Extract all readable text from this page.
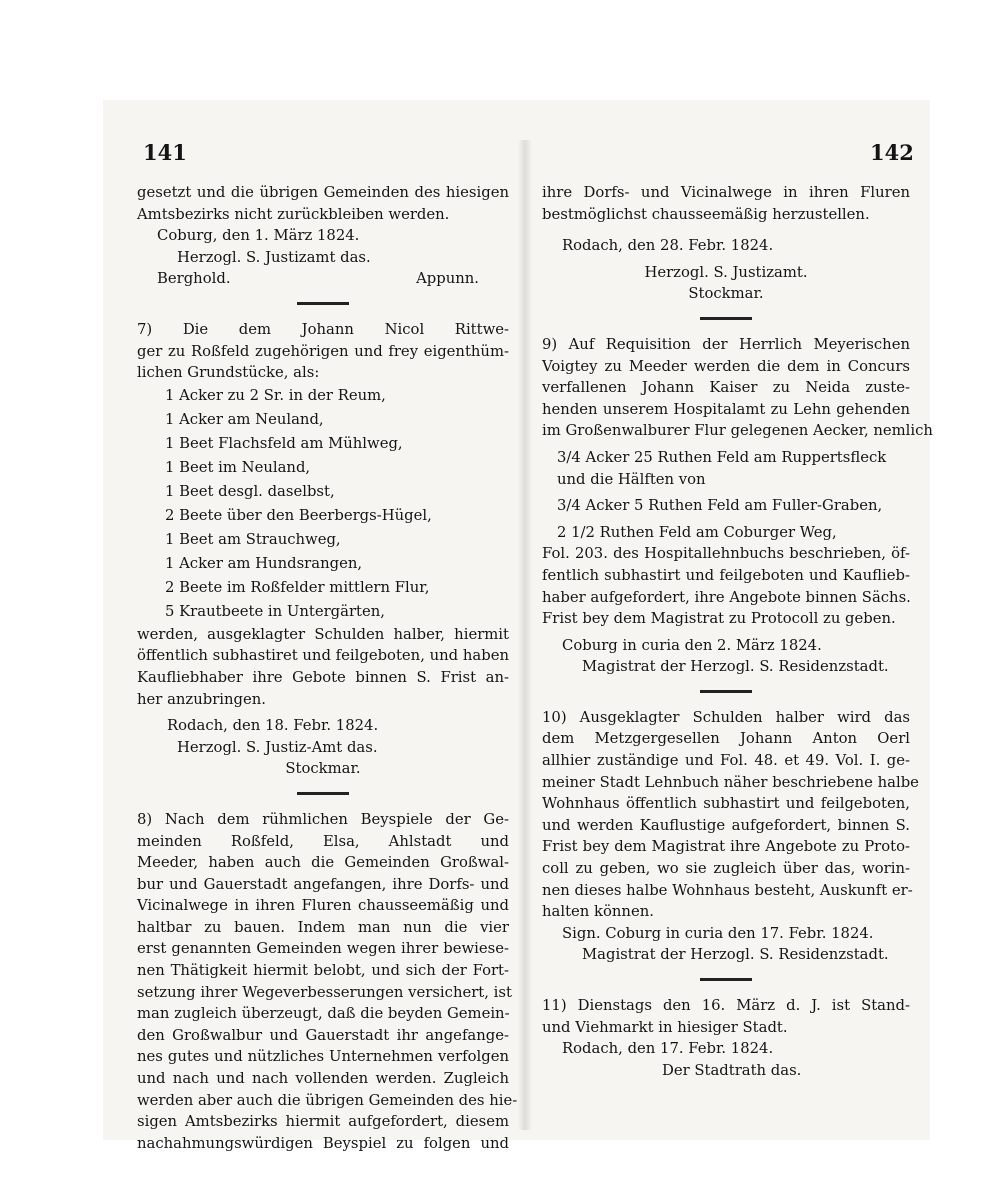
141	142

gesetzt und die übrigen Gemeinden des hiesigen

Amtsbezirks nicht zurückbleiben werden.

Coburg, den 1. März 1824.
Herzogl. S. Justizamt das.
Berghold.	Appunn.

7) Die dem Johann Nicol Rittwe-

ger zu Roßfeld zugehörigen und frey eigenthüm-

lichen Grundstücke, als:

1 Acker zu 2 Sr. in der Reum,
1 Acker am Neuland,
1 Beet Flachsfeld am Mühlweg,
1 Beet im Neuland,
1 Beet desgl. daselbst,
2 Beete über den Beerbergs-Hügel,
1 Beet am Strauchweg,
1 Acker am Hundsrangen,
2 Beete im Roßfelder mittlern Flur,
5 Krautbeete in Untergärten,

werden, ausgeklagter Schulden halber, hiermit

öffentlich subhastiret und feilgeboten, und haben

Kaufliebhaber ihre Gebote binnen S. Frist an-

her anzubringen.

Rodach, den 18. Febr. 1824.
Herzogl. S. Justiz-Amt das.
Stockmar.

8) Nach dem rühmlichen Beyspiele der Ge-

meinden Roßfeld, Elsa, Ahlstadt und

Meeder, haben auch die Gemeinden Großwal-

bur und Gauerstadt angefangen, ihre Dorfs- und

Vicinalwege in ihren Fluren chausseemäßig und

haltbar zu bauen. Indem man nun die vier

erst genannten Gemeinden wegen ihrer bewiese-

nen Thätigkeit hiermit belobt, und sich der Fort-

setzung ihrer Wegeverbesserungen versichert, ist

man zugleich überzeugt, daß die beyden Gemein-

den Großwalbur und Gauerstadt ihr angefange-

nes gutes und nützliches Unternehmen verfolgen

und nach und nach vollenden werden. Zugleich

werden aber auch die übrigen Gemeinden des hie-

sigen Amtsbezirks hiermit aufgefordert, diesem

nachahmungswürdigen Beyspiel zu folgen und

ihre Dorfs- und Vicinalwege in ihren Fluren

bestmöglichst chausseemäßig herzustellen.

Rodach, den 28. Febr. 1824.
Herzogl. S. Justizamt.
Stockmar.

9) Auf Requisition der Herrlich Meyerischen

Voigtey zu Meeder werden die dem in Concurs

verfallenen Johann Kaiser zu Neida zuste-

henden unserem Hospitalamt zu Lehn gehenden

im Großenwalburer Flur gelegenen Aecker, nemlich

3/4 Acker 25 Ruthen Feld am Ruppertsfleck
und die Hälften von
3/4 Acker 5 Ruthen Feld am Fuller-Graben,

2 1/2 Ruthen Feld am Coburger Weg,

Fol. 203. des Hospitallehnbuchs beschrieben, öf-

fentlich subhastirt und feilgeboten und Kauflieb-

haber aufgefordert, ihre Angebote binnen Sächs.

Frist bey dem Magistrat zu Protocoll zu geben.

Coburg in curia den 2. März 1824.
Magistrat der Herzogl. S. Residenzstadt.

10) Ausgeklagter Schulden halber wird das

dem Metzgergesellen Johann Anton Oerl

allhier zuständige und Fol. 48. et 49. Vol. I. ge-

meiner Stadt Lehnbuch näher beschriebene halbe

Wohnhaus öffentlich subhastirt und feilgeboten,

und werden Kauflustige aufgefordert, binnen S.

Frist bey dem Magistrat ihre Angebote zu Proto-

coll zu geben, wo sie zugleich über das, worin-

nen dieses halbe Wohnhaus besteht, Auskunft er-

halten können.

Sign. Coburg in curia den 17. Febr. 1824.
Magistrat der Herzogl. S. Residenzstadt.

11) Dienstags den 16. März d. J. ist Stand-

und Viehmarkt in hiesiger Stadt.

Rodach, den 17. Febr. 1824.
Der Stadtrath das.
